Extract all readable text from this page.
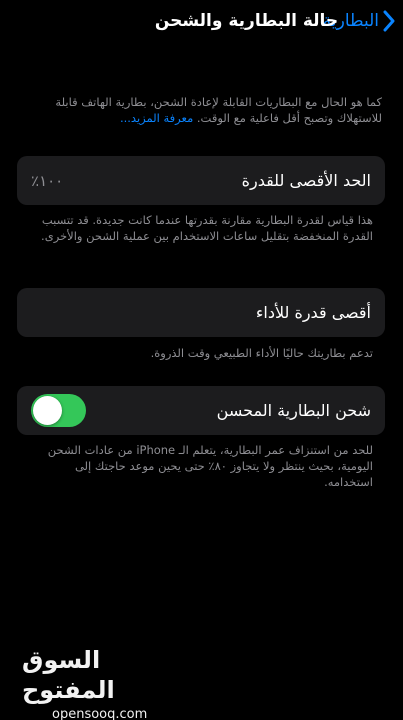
البطارية
حالة البطارية والشحن
كما هو الحال مع البطاريات القابلة لإعادة الشحن، بطارية الهاتف قابلة للاستهلاك وتصبح أقل فاعلية مع الوقت. معرفة المزيد...
الحد الأقصى للقدرة
١٠٠٪
هذا قياس لقدرة البطارية مقارنة بقدرتها عندما كانت جديدة. قد تتسبب القدرة المنخفضة بتقليل ساعات الاستخدام بين عملية الشحن والأخرى.
أقصى قدرة للأداء
تدعم بطاريتك حاليًا الأداء الطبيعي وقت الذروة.
شحن البطارية المحسن
للحد من استنزاف عمر البطارية، يتعلم الـ iPhone من عادات الشحن اليومية، بحيث ينتظر ولا يتجاوز ٨٠٪ حتى يحين موعد حاجتك إلى استخدامه.
السوق المفتوح
opensooq.com
